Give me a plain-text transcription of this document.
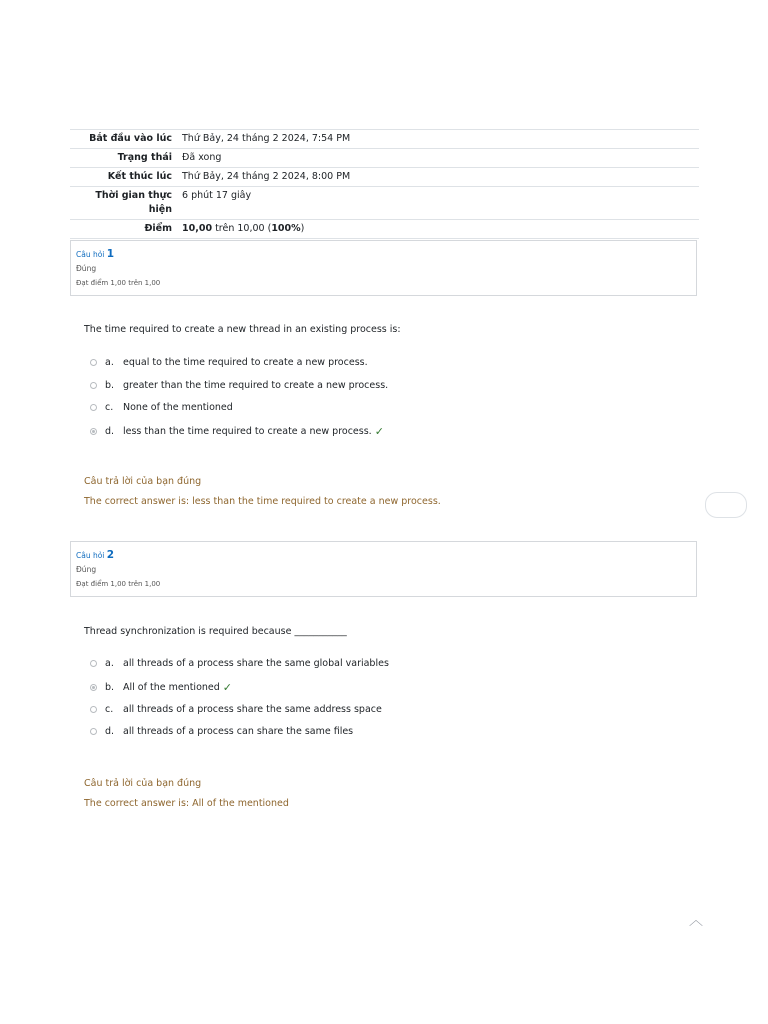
Bắt đầu vào lúc	Thứ Bảy, 24 tháng 2 2024, 7:54 PM
Trạng thái	Đã xong
Kết thúc lúc	Thứ Bảy, 24 tháng 2 2024, 8:00 PM
Thời gian thực hiện	6 phút 17 giây
Điểm	10,00 trên 10,00 (100%)
Câu hỏi 1
Đúng
Đạt điểm 1,00 trên 1,00
The time required to create a new thread in an existing process is:
a. equal to the time required to create a new process.
b. greater than the time required to create a new process.
c.	None of the mentioned
d. less than the time required to create a new process. ✓
Câu trả lời của bạn đúng
The correct answer is: less than the time required to create a new process.
Câu hỏi 2
Đúng
Đạt điểm 1,00 trên 1,00
Thread synchronization is required because ___________
a. all threads of a process share the same global variables
b. All of the mentioned ✓
c.	all threads of a process share the same address space
d. all threads of a process can share the same files
Câu trả lời của bạn đúng
The correct answer is: All of the mentioned
︿
